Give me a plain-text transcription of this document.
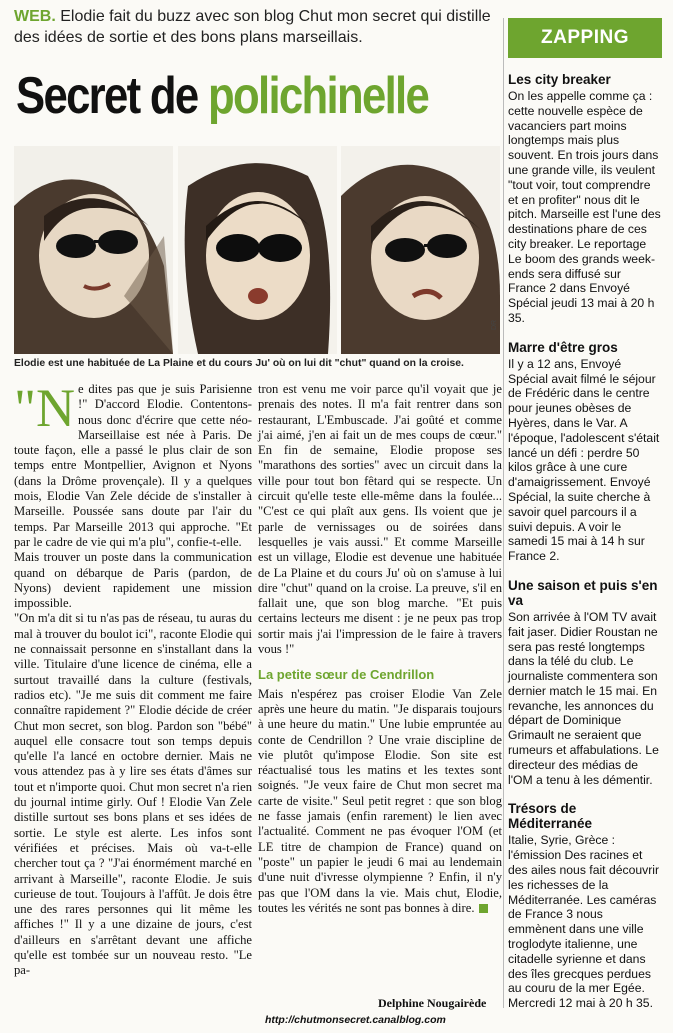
WEB. Elodie fait du buzz avec son blog Chut mon secret qui distille des idées de sortie et des bons plans marseillais.
Secret de polichinelle
DR
Elodie est une habituée de La Plaine et du cours Ju' où on lui dit "chut" quand on la croise.

"Ne dites pas que je suis Parisienne !" D'accord Elodie. Contentons-nous donc d'écrire que cette néo-Marseillaise est née à Paris. De toute façon, elle a passé le plus clair de son temps entre Montpellier, Avignon et Nyons (dans la Drôme provençale). Il y a quelques mois, Elodie Van Zele décide de s'installer à Marseille. Poussée sans doute par l'air du temps. Par Marseille 2013 qui approche. "Et par le cadre de vie qui m'a plu", confie-t-elle.

Mais trouver un poste dans la communication quand on débarque de Paris (pardon, de Nyons) devient rapidement une mission impossible.

"On m'a dit si tu n'as pas de réseau, tu auras du mal à trouver du boulot ici", raconte Elodie qui ne connaissait personne en s'installant dans la ville. Titulaire d'une licence de cinéma, elle a surtout travaillé dans la culture (festivals, radios etc). "Je me suis dit comment me faire connaître rapidement ?" Elodie décide de créer Chut mon secret, son blog. Pardon son "bébé" auquel elle consacre tout son temps depuis qu'elle l'a lancé en octobre dernier. Mais ne vous attendez pas à y lire ses états d'âmes sur tout et n'importe quoi. Chut mon secret n'a rien du journal intime girly. Ouf ! Elodie Van Zele distille surtout ses bons plans et ses idées de sortie. Le style est alerte. Les infos sont vérifiées et précises. Mais où va-t-elle chercher tout ça ? "J'ai énormément marché en arrivant à Marseille", raconte Elodie. Je suis curieuse de tout. Toujours à l'affût. Je dois être une des rares personnes qui lit même les affiches !" Il y a une dizaine de jours, c'est d'ailleurs en s'arrêtant devant une affiche qu'elle est tombée sur un nouveau resto. "Le pa-

tron est venu me voir parce qu'il voyait que je prenais des notes. Il m'a fait rentrer dans son restaurant, L'Embuscade. J'ai goûté et comme j'ai aimé, j'en ai fait un de mes coups de cœur." En fin de semaine, Elodie propose ses "marathons des sorties" avec un circuit dans la ville pour tout bon fêtard qui se respecte. Un circuit qu'elle teste elle-même dans la foulée... "C'est ce qui plaît aux gens. Ils voient que je parle de vernissages ou de soirées dans lesquelles je vais aussi." Et comme Marseille est un village, Elodie est devenue une habituée de La Plaine et du cours Ju' où on s'amuse à lui dire "chut" quand on la croise. La preuve, s'il en fallait une, que son blog marche. "Et puis certains lecteurs me disent : je ne peux pas trop sortir mais j'ai l'impression de le faire à travers vous !"

La petite sœur de Cendrillon

Mais n'espérez pas croiser Elodie Van Zele après une heure du matin. "Je disparais toujours à une heure du matin." Une lubie empruntée au conte de Cendrillon ? Une vraie discipline de vie plutôt qu'impose Elodie. Son site est réactualisé tous les matins et les textes sont soignés. "Je veux faire de Chut mon secret ma carte de visite." Seul petit regret : que son blog ne fasse jamais (enfin rarement) le lien avec l'actualité. Comment ne pas évoquer l'OM (et LE titre de champion de France) quand on "poste" un papier le jeudi 6 mai au lendemain d'une nuit d'ivresse olympienne ? Enfin, il n'y pas que l'OM dans la vie. Mais chut, Elodie, toutes les vérités ne sont pas bonnes à dire.

Delphine Nougairède
http://chutmonsecret.canalblog.com
ZAPPING
Les city breaker

On les appelle comme ça : cette nouvelle espèce de vacanciers part moins longtemps mais plus souvent. En trois jours dans une grande ville, ils veulent "tout voir, tout comprendre et en profiter" nous dit le pitch. Marseille est l'une des destinations phare de ces city breaker. Le reportage Le boom des grands week-ends sera diffusé sur France 2 dans Envoyé Spécial jeudi 13 mai à 20 h 35.

Marre d'être gros

Il y a 12 ans, Envoyé Spécial avait filmé le séjour de Frédéric dans le centre pour jeunes obèses de Hyères, dans le Var. A l'époque, l'adolescent s'était lancé un défi : perdre 50 kilos grâce à une cure d'amaigrissement. Envoyé Spécial, la suite cherche à savoir quel parcours il a suivi depuis. A voir le samedi 15 mai à 14 h sur France 2.

Une saison et puis s'en va

Son arrivée à l'OM TV avait fait jaser. Didier Roustan ne sera pas resté longtemps dans la télé du club. Le journaliste commentera son dernier match le 15 mai. En revanche, les annonces du départ de Dominique Grimault ne seraient que rumeurs et affabulations. Le directeur des médias de l'OM a tenu à les démentir.

Trésors de Méditerranée

Italie, Syrie, Grèce : l'émission Des racines et des ailes nous fait découvrir les richesses de la Méditerranée. Les caméras de France 3 nous emmènent dans une ville troglodyte italienne, une citadelle syrienne et dans des îles grecques perdues au couru de la mer Egée. Mercredi 12 mai à 20 h 35.
